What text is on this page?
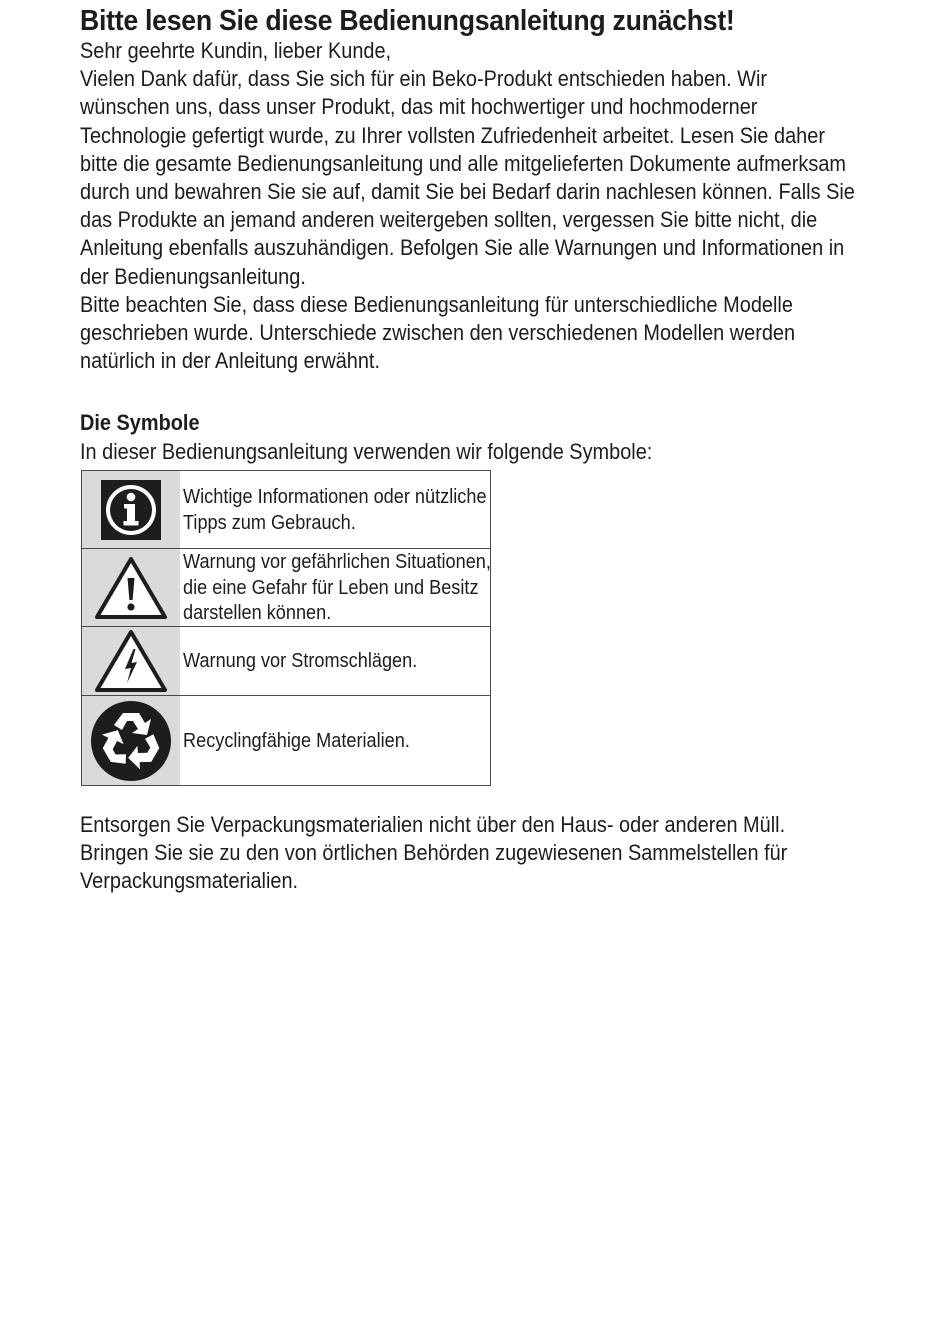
Bitte lesen Sie diese Bedienungsanleitung zunächst!

Sehr geehrte Kundin, lieber Kunde,

Vielen Dank dafür, dass Sie sich für ein Beko-Produkt entschieden haben. Wir wünschen uns, dass unser Produkt, das mit hochwertiger und hochmoderner Technologie gefertigt wurde, zu Ihrer vollsten Zufriedenheit arbeitet. Lesen Sie daher bitte die gesamte Bedienungsanleitung und alle mitgelieferten Dokumente aufmerksam durch und bewahren Sie sie auf, damit Sie bei Bedarf darin nachlesen können. Falls Sie das Produkte an jemand anderen weitergeben sollten, vergessen Sie bitte nicht, die Anleitung ebenfalls auszuhändigen. Befolgen Sie alle Warnungen und Informationen in der Bedienungsanleitung.

Bitte beachten Sie, dass diese Bedienungsanleitung für unterschiedliche Modelle geschrieben wurde. Unterschiede zwischen den verschiedenen Modellen werden natürlich in der Anleitung erwähnt.

Die Symbole

In dieser Bedienungsanleitung verwenden wir folgende Symbole:

Wichtige Informationen oder nützliche Tipps zum Gebrauch.
Warnung vor gefährlichen Situationen, die eine Gefahr für Leben und Besitz darstellen können.
Warnung vor Stromschlägen.
Recyclingfähige Materialien.

Entsorgen Sie Verpackungsmaterialien nicht über den Haus- oder anderen Müll.

Bringen Sie sie zu den von örtlichen Behörden zugewiesenen Sammelstellen für Verpackungsmaterialien.
